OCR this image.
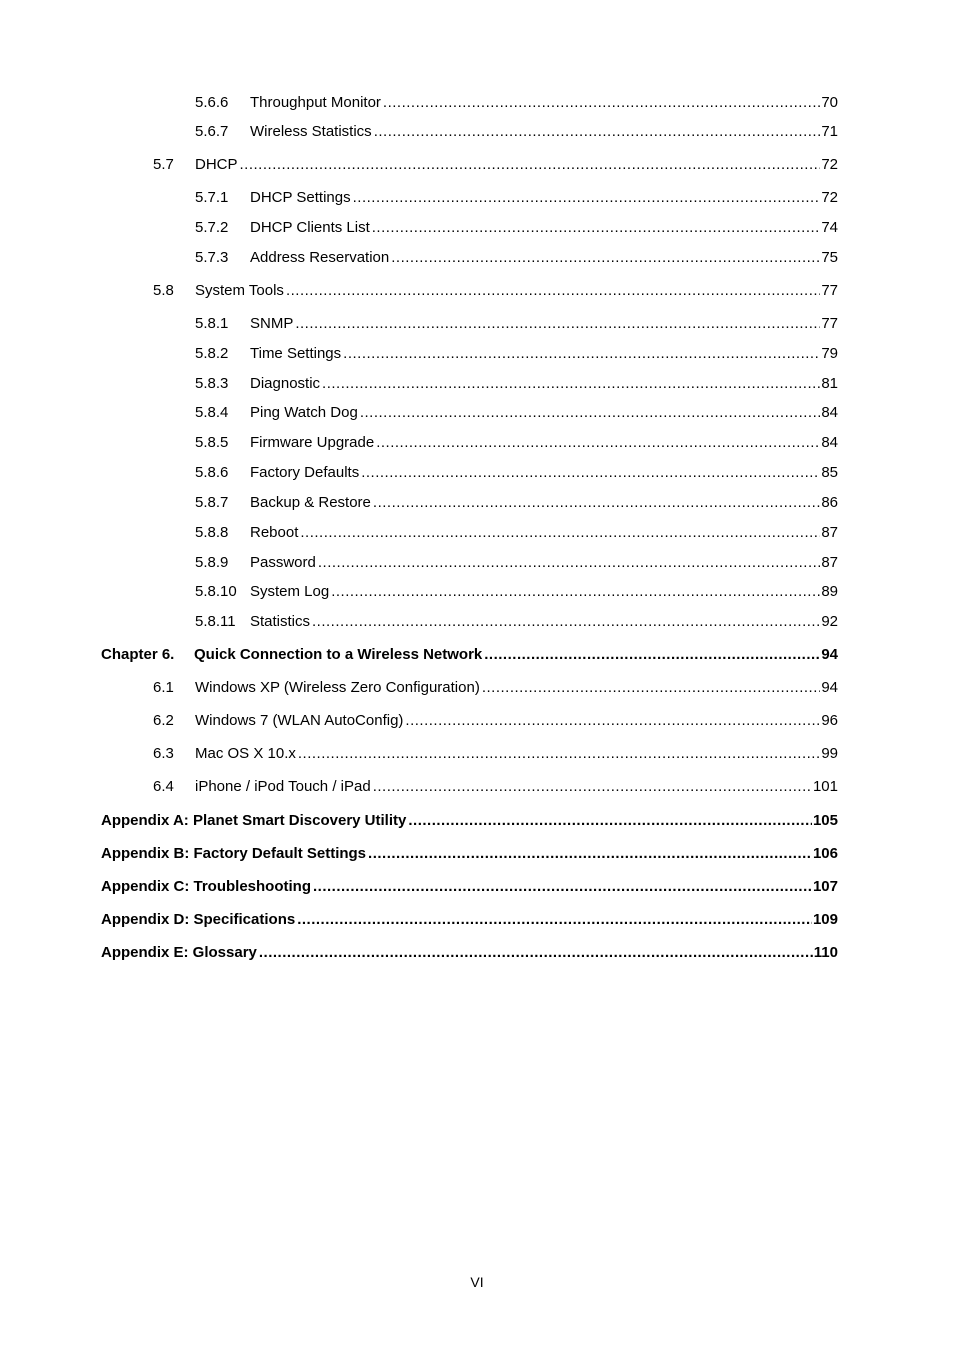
5.6.6	Throughput Monitor .....	70
5.6.7	Wireless Statistics .....	71
5.7	DHCP .....	72
5.7.1	DHCP Settings .....	72
5.7.2	DHCP Clients List .....	74
5.7.3	Address Reservation .....	75
5.8	System Tools .....	77
5.8.1	SNMP .....	77
5.8.2	Time Settings .....	79
5.8.3	Diagnostic .....	81
5.8.4	Ping Watch Dog .....	84
5.8.5	Firmware Upgrade .....	84
5.8.6	Factory Defaults .....	85
5.8.7	Backup & Restore .....	86
5.8.8	Reboot .....	87
5.8.9	Password .....	87
5.8.10 System Log .....	89
5.8.11 Statistics .....	92
Chapter 6.	Quick Connection to a Wireless Network .....	94
6.1	Windows XP (Wireless Zero Configuration) .....	94
6.2	Windows 7 (WLAN AutoConfig) .....	96
6.3	Mac OS X 10.x .....	99
6.4	iPhone / iPod Touch / iPad .....	101
Appendix A: Planet Smart Discovery Utility .....	105
Appendix B: Factory Default Settings .....	106
Appendix C: Troubleshooting .....	107
Appendix D: Specifications .....	109
Appendix E: Glossary .....	110
VI
